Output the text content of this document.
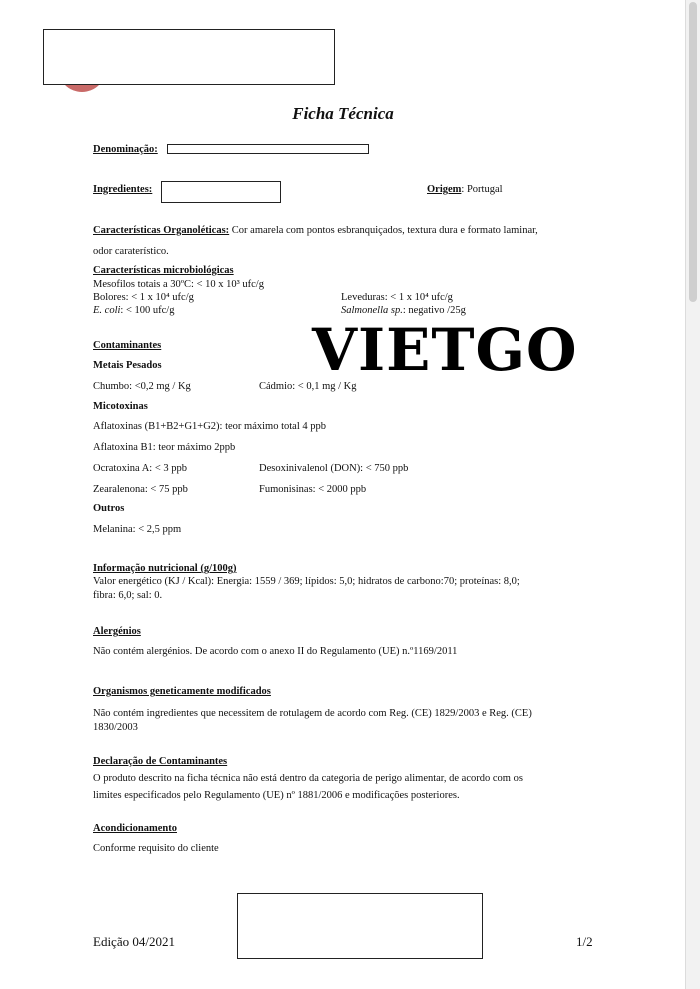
Ficha Técnica
Denominação:
Ingredientes:	Origem: Portugal
Características Organoléticas: Cor amarela com pontos esbranquiçados, textura dura e formato laminar,
odor caraterístico.
Características microbiológicas
Mesofilos totais a 30ºC: < 10 x 10³ ufc/g
Bolores: < 1 x 10⁴ ufc/g	Leveduras: < 1 x 10⁴ ufc/g
E. coli: < 100 ufc/g	Salmonella sp.: negativo /25g
VIETGO
Contaminantes
Metais Pesados
Chumbo: <0,2 mg / Kg	Cádmio: < 0,1 mg / Kg
Micotoxinas
Aflatoxinas (B1+B2+G1+G2): teor máximo total 4 ppb
Aflatoxina B1: teor máximo 2ppb
Ocratoxina A: < 3 ppb	Desoxinivalenol (DON): < 750 ppb
Zearalenona: < 75 ppb	Fumonisinas: < 2000 ppb
Outros
Melanina: < 2,5 ppm
Informação nutricional (g/100g)
Valor energético (KJ / Kcal): Energia: 1559 / 369; lípidos: 5,0; hidratos de carbono:70; proteínas: 8,0;
fibra: 6,0; sal: 0.
Alergénios
Não contém alergénios. De acordo com o anexo II do Regulamento (UE) n.º1169/2011
Organismos geneticamente modificados
Não contém ingredientes que necessitem de rotulagem de acordo com Reg. (CE) 1829/2003 e Reg. (CE)
1830/2003
Declaração de Contaminantes
O produto descrito na ficha técnica não está dentro da categoria de perigo alimentar, de acordo com os
limites especificados pelo Regulamento (UE) nº 1881/2006 e modificações posteriores.
Acondicionamento
Conforme requisito do cliente
Edição 04/2021	1/2
